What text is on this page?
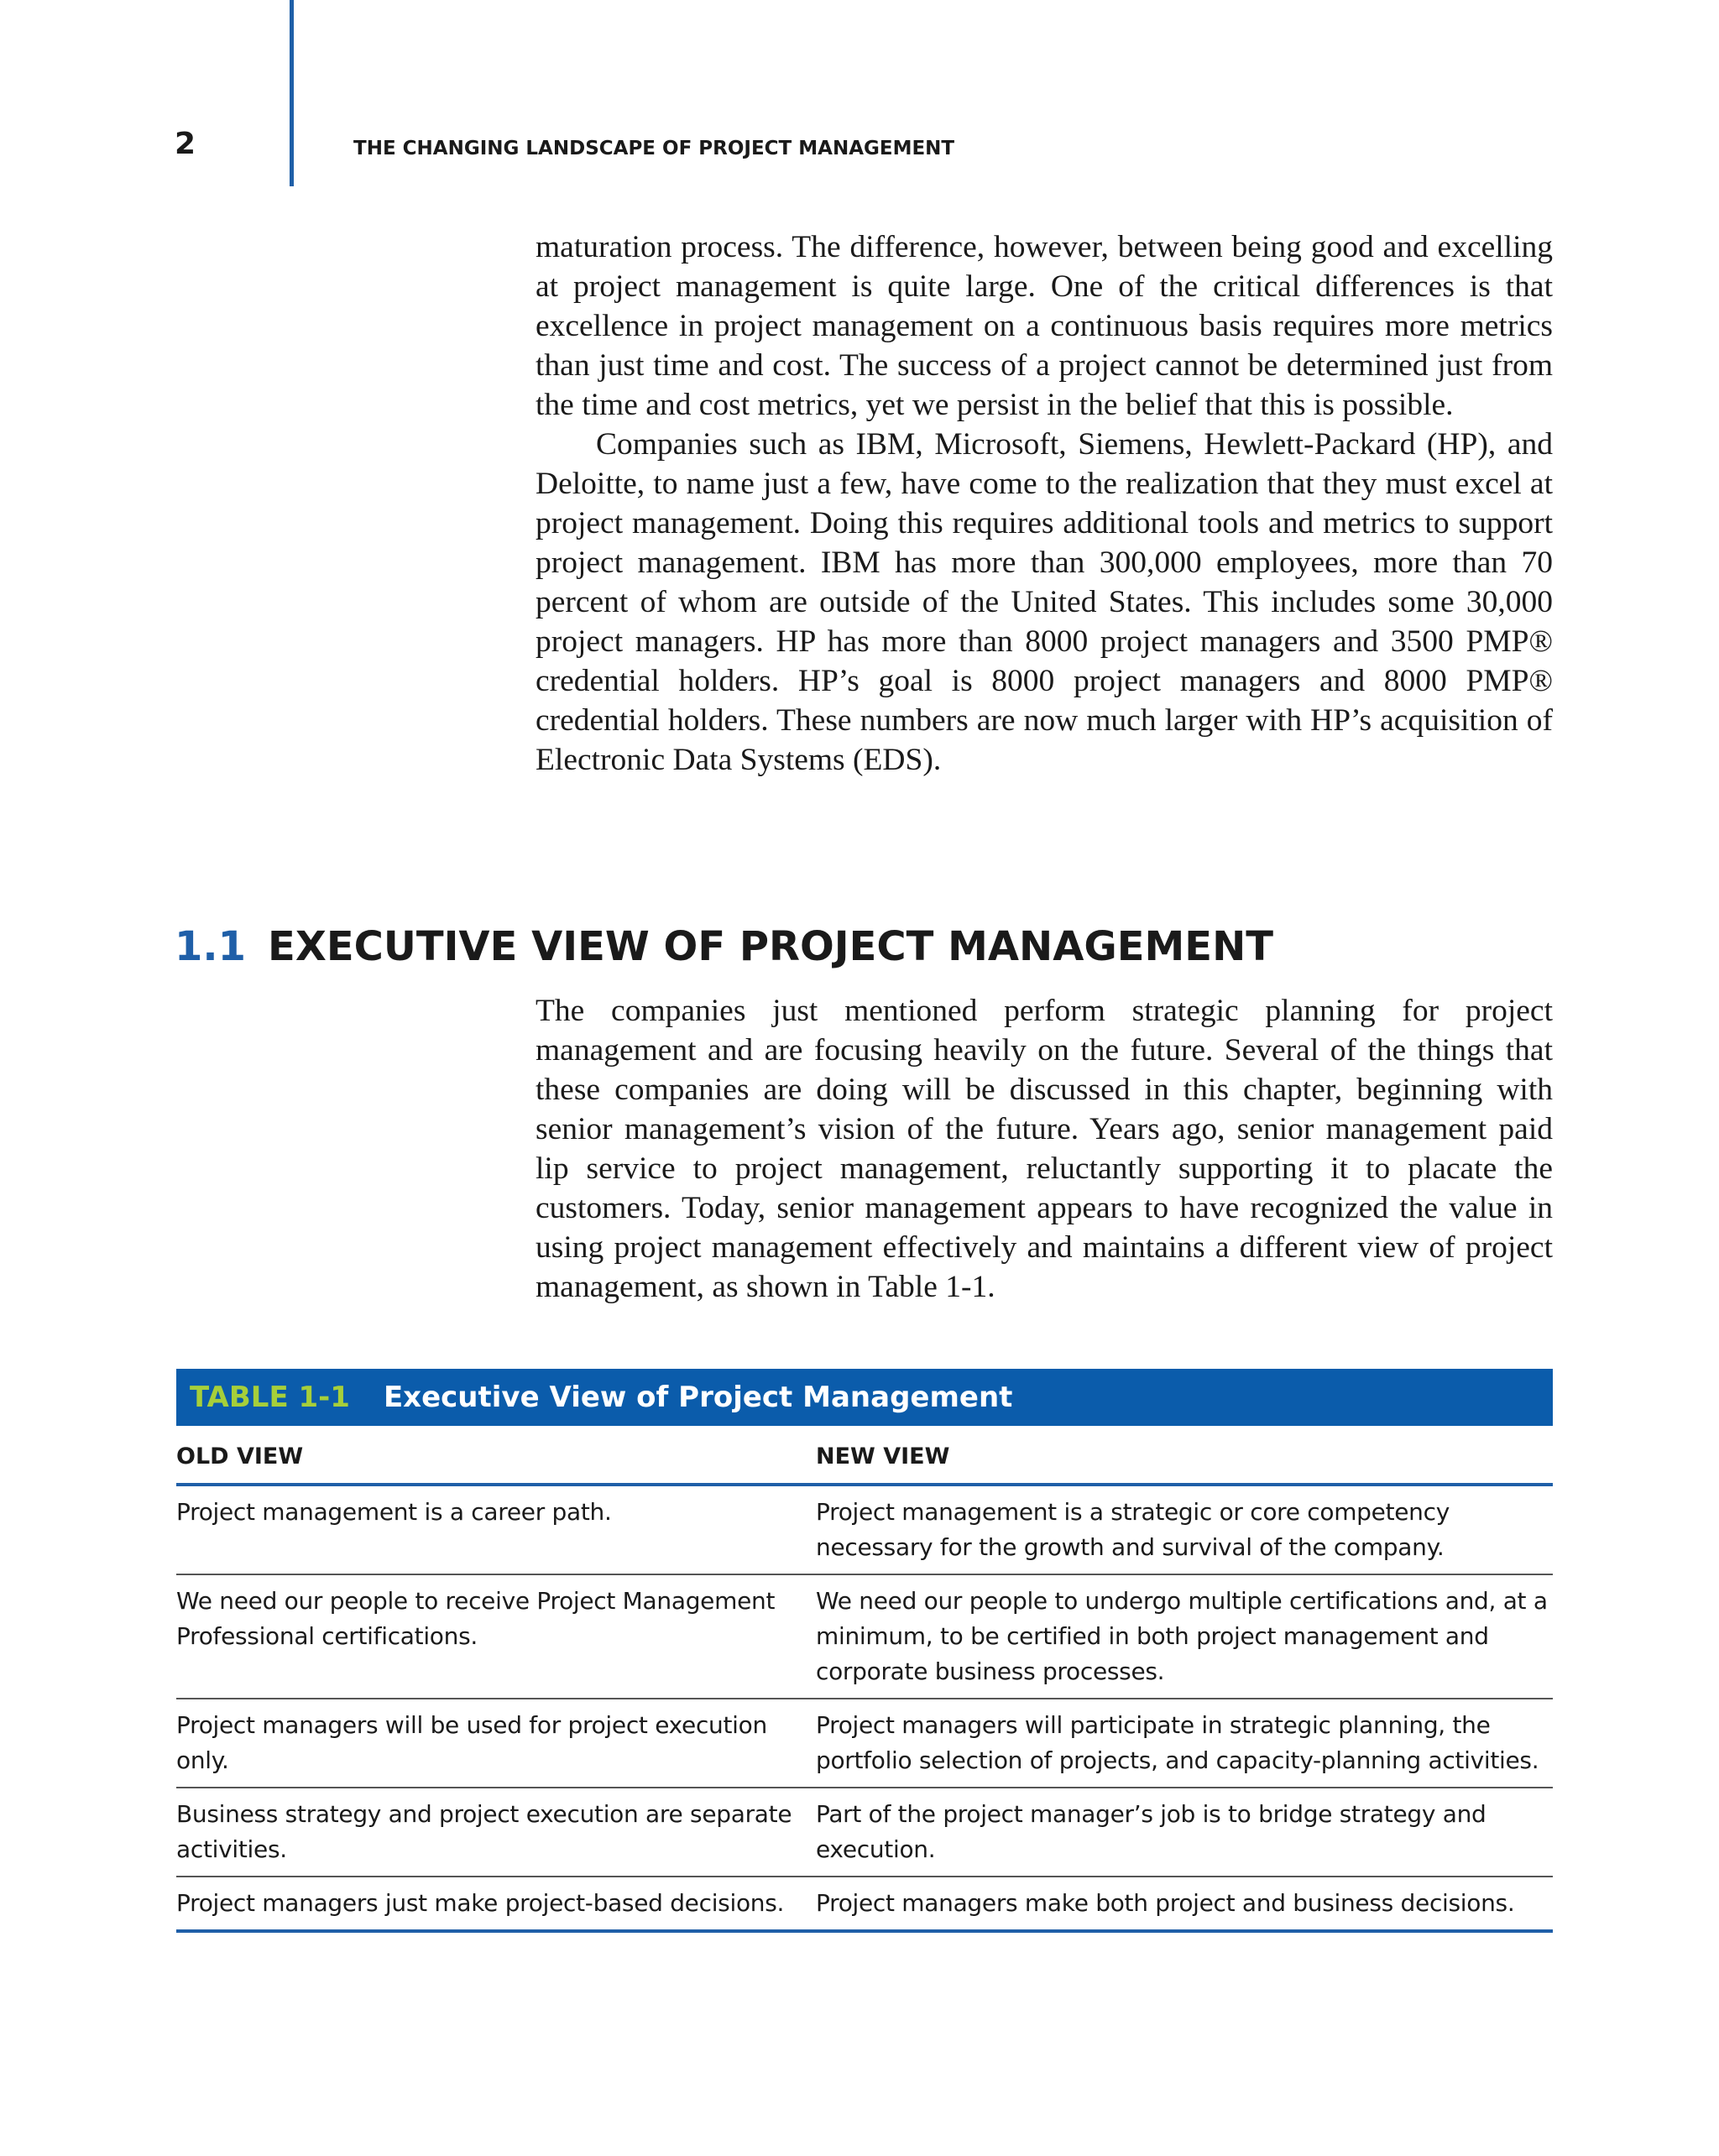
2	THE CHANGING LANDSCAPE OF PROJECT MANAGEMENT

maturation process. The difference, however, between being good and excelling at project management is quite large. One of the critical differences is that excellence in project management on a continuous basis requires more metrics than just time and cost. The success of a project cannot be determined just from the time and cost metrics, yet we persist in the belief that this is possible.

Companies such as IBM, Microsoft, Siemens, Hewlett-Packard (HP), and Deloitte, to name just a few, have come to the realization that they must excel at project management. Doing this requires additional tools and metrics to support project management. IBM has more than 300,000 employees, more than 70 percent of whom are outside of the United States. This includes some 30,000 project managers. HP has more than 8000 project managers and 3500 PMP® credential holders. HP’s goal is 8000 project managers and 8000 PMP® credential holders. These numbers are now much larger with HP’s acquisition of Electronic Data Systems (EDS).

1.1 EXECUTIVE VIEW OF PROJECT MANAGEMENT

The companies just mentioned perform strategic planning for project management and are focusing heavily on the future. Several of the things that these companies are doing will be discussed in this chapter, beginning with senior management’s vision of the future. Years ago, senior management paid lip service to project management, reluctantly supporting it to placate the customers. Today, senior management appears to have recognized the value in using project management effectively and maintains a different view of project management, as shown in Table 1-1.

TABLE 1-1 Executive View of Project Management
OLD VIEW	NEW VIEW
Project management is a career path.	Project management is a strategic or core competency necessary for the growth and survival of the company.
We need our people to receive Project Management Professional certifications.	We need our people to undergo multiple certifications and, at a minimum, to be certified in both project management and corporate business processes.
Project managers will be used for project execution only.	Project managers will participate in strategic planning, the portfolio selection of projects, and capacity-planning activities.
Business strategy and project execution are separate activities.	Part of the project manager’s job is to bridge strategy and execution.
Project managers just make project-based decisions.	Project managers make both project and business decisions.
